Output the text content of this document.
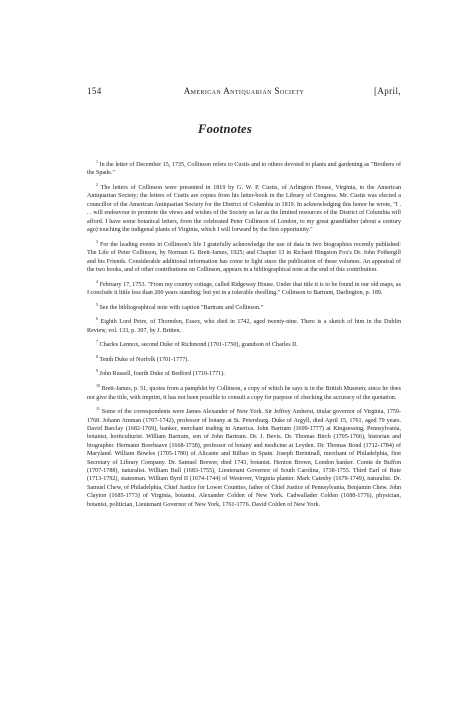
154	American Antiquarian Society	[April,
Footnotes

$^1$ In the letter of December 15, 1735, Collinson refers to Custis and to others devoted to plants and gardening as "Brothers of the Spade."

$^2$ The letters of Collinson were presented in 1819 by G. W. P. Custis, of Arlington House, Virginia, to the American Antiquarian Society; the letters of Custis are copies from his letter-book in the Library of Congress. Mr. Custis was elected a councillor of the American Antiquarian Society for the District of Columbia in 1819. In acknowledging this honor he wrote, "I . . . will endeavour to promote the views and wishes of the Society as far as the limited resources of the District of Columbia will afford. I have some botanical letters, from the celebrated Peter Collinson of London, to my great grandfather (about a century ago) touching the indigenal plants of Virginia, which I will forward by the first opportunity."

$^3$ For the leading events in Collinson's life I gratefully acknowledge the use of data in two biographies recently published: The Life of Peter Collinson, by Norman G. Brett-James, 1925; and Chapter 13 in Richard Hingston Fox's Dr. John Fothergill and his Friends. Considerable additional information has come to light since the publication of these volumes. An appraisal of the two books, and of other contributions on Collinson, appears in a bibliographical note at the end of this contribution.

$^4$ February 17, 1753. "From my country cottage, called Ridgeway House. Under that title it is to be found in our old maps, as I conclude it little less than 200 years standing; but yet in a tolerable dwelling." Collinson to Bartram, Darlington, p. 189.

$^5$ See the bibliographical note with caption "Bartram and Collinson."

$^6$ Eighth Lord Petre, of Thorndon, Essex, who died in 1742, aged twenty-nine. There is a sketch of him in the Dublin Review, vol. 133, p. 307, by J. Britten.

$^7$ Charles Lennox, second Duke of Richmond (1701-1750), grandson of Charles II.

$^8$ Tenth Duke of Norfolk (1701-1777).

$^9$ John Russell, fourth Duke of Bedford (1710-1771).

$^{10}$ Brett-James, p. 51, quotes from a pamphlet by Collinson, a copy of which he says is in the British Museum; since he does not give the title, with imprint, it has not been possible to consult a copy for purpose of checking the accuracy of the quotation.

$^{11}$ Some of the correspondents were James Alexander of New York. Sir Jeffrey Amherst, titular governor of Virginia, 1759-1768. Johann Amman (1707-1742), professor of botany at St. Petersburg. Duke of Argyll, died April 15, 1761, aged 79 years. David Barclay (1682-1769), banker, merchant trading in America. John Bartram (1699-1777) at Kingsessing, Pennsylvania, botanist, horticulturist. William Bartram, son of John Bartram. Dr. J. Bevis. Dr. Thomas Birch (1705-1766), historian and biographer. Hermann Boerhaave (1668-1738), professor of botany and medicine at Leyden. Dr. Thomas Bond (1712-1784) of Maryland. William Bowles (1705-1780) of Alicante and Bilbao in Spain. Joseph Breintnall, merchant of Philadelphia, first Secretary of Library Company. Dr. Samuel Brewer, died 1743, botanist. Henton Brown, London banker. Comte de Buffon (1707-1788), naturalist. William Bull (1683-1755), Lieutenant Governor of South Carolina, 1738-1755. Third Earl of Bute (1713-1792), statesman. William Byrd II (1674-1744) of Westover, Virginia planter. Mark Catesby (1679-1749), naturalist. Dr. Samuel Chew, of Philadelphia, Chief Justice for Lower Counties, father of Chief Justice of Pennsylvania, Benjamin Chew. John Clayton (1685-1773) of Virginia, botanist. Alexander Colden of New York. Cadwallader Colden (1688-1776), physician, botanist, politician, Lieutenant Governor of New York, 1761-1776. David Colden of New York.
